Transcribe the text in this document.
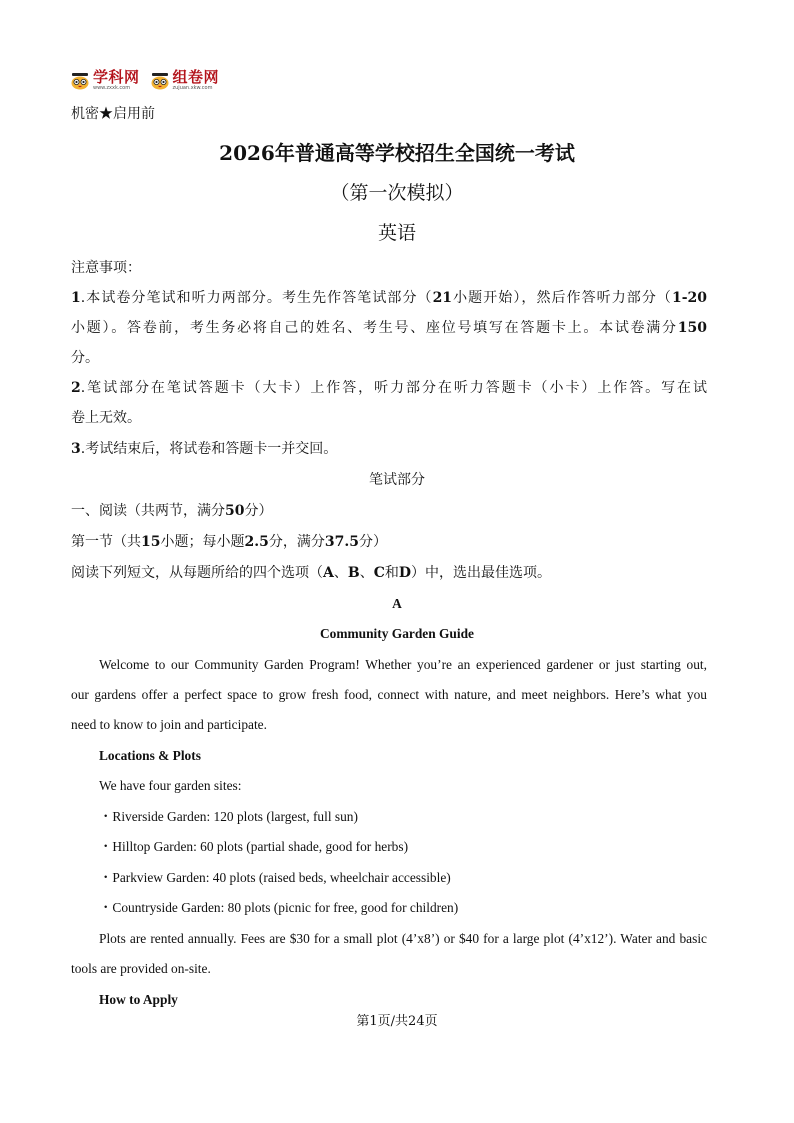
学科网
www.zxxk.com
组卷网
zujuan.xkw.com
机密★启用前
2026年普通高等学校招生全国统一考试
（第一次模拟）
英语
注意事项：
1.本试卷分笔试和听力两部分。考生先作答笔试部分（21小题开始），然后作答听力部分（1-20
小题）。答卷前，考生务必将自己的姓名、考生号、座位号填写在答题卡上。本试卷满分150
分。
2.笔试部分在笔试答题卡（大卡）上作答，听力部分在听力答题卡（小卡）上作答。写在试
卷上无效。
3.考试结束后，将试卷和答题卡一并交回。
笔试部分
一、阅读（共两节，满分50分）
第一节（共15小题；每小题2.5分，满分37.5分）
阅读下列短文，从每题所给的四个选项（A、B、C和D）中，选出最佳选项。
A
Community Garden Guide
Welcome to our Community Garden Program! Whether you’re an experienced gardener or just starting out,
our gardens offer a perfect space to grow fresh food, connect with nature, and meet neighbors. Here’s what you
need to know to join and participate.
Locations & Plots
We have four garden sites:
・Riverside Garden: 120 plots (largest, full sun)
・Hilltop Garden: 60 plots (partial shade, good for herbs)
・Parkview Garden: 40 plots (raised beds, wheelchair accessible)
・Countryside Garden: 80 plots (picnic for free, good for children)
Plots are rented annually. Fees are $30 for a small plot (4’x8’) or $40 for a large plot (4’x12’). Water and basic
tools are provided on-site.
How to Apply
第1页/共24页
